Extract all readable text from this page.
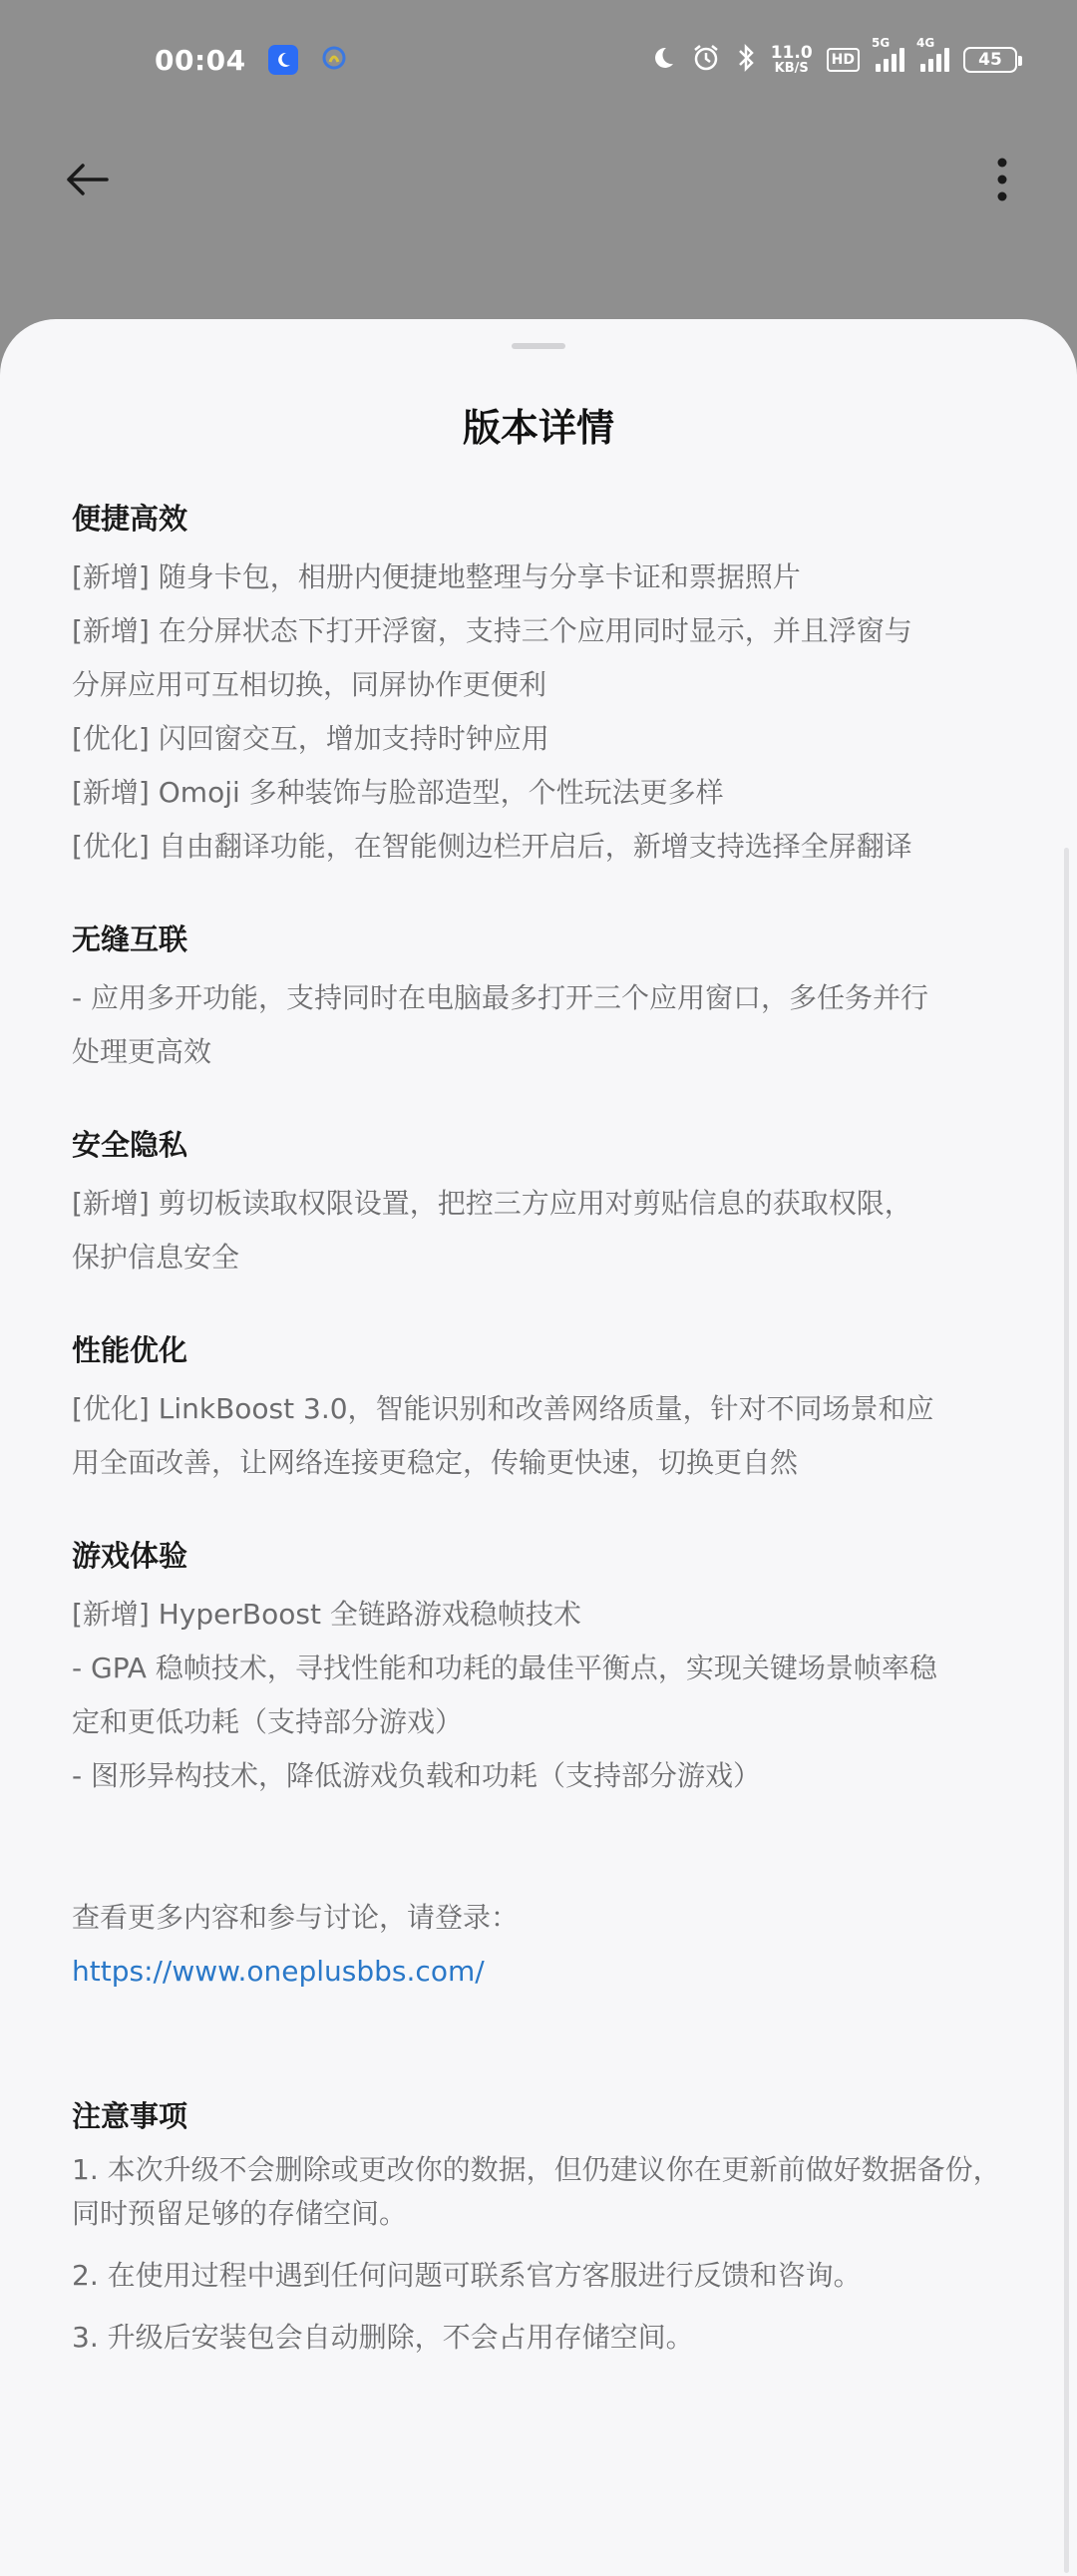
00:04	11.0
KB/S	HD
5G 4G
45
版本详情
便捷高效
[新增] 随身卡包，相册内便捷地整理与分享卡证和票据照片
[新增] 在分屏状态下打开浮窗，支持三个应用同时显示，并且浮窗与
分屏应用可互相切换，同屏协作更便利
[优化] 闪回窗交互，增加支持时钟应用
[新增] Omoji 多种装饰与脸部造型，个性玩法更多样
[优化] 自由翻译功能，在智能侧边栏开启后，新增支持选择全屏翻译
无缝互联
- 应用多开功能，支持同时在电脑最多打开三个应用窗口，多任务并行
处理更高效
安全隐私
[新增] 剪切板读取权限设置，把控三方应用对剪贴信息的获取权限，
保护信息安全
性能优化
[优化] LinkBoost 3.0，智能识别和改善网络质量，针对不同场景和应
用全面改善，让网络连接更稳定，传输更快速，切换更自然
游戏体验
[新增] HyperBoost 全链路游戏稳帧技术
- GPA 稳帧技术，寻找性能和功耗的最佳平衡点，实现关键场景帧率稳
定和更低功耗（支持部分游戏）
- 图形异构技术，降低游戏负载和功耗（支持部分游戏）
查看更多内容和参与讨论，请登录：
https://www.oneplusbbs.com/
注意事项
1. 本次升级不会删除或更改你的数据，但仍建议你在更新前做好数据备份，同时预留足够的存储空间。
2. 在使用过程中遇到任何问题可联系官方客服进行反馈和咨询。
3. 升级后安装包会自动删除，不会占用存储空间。
